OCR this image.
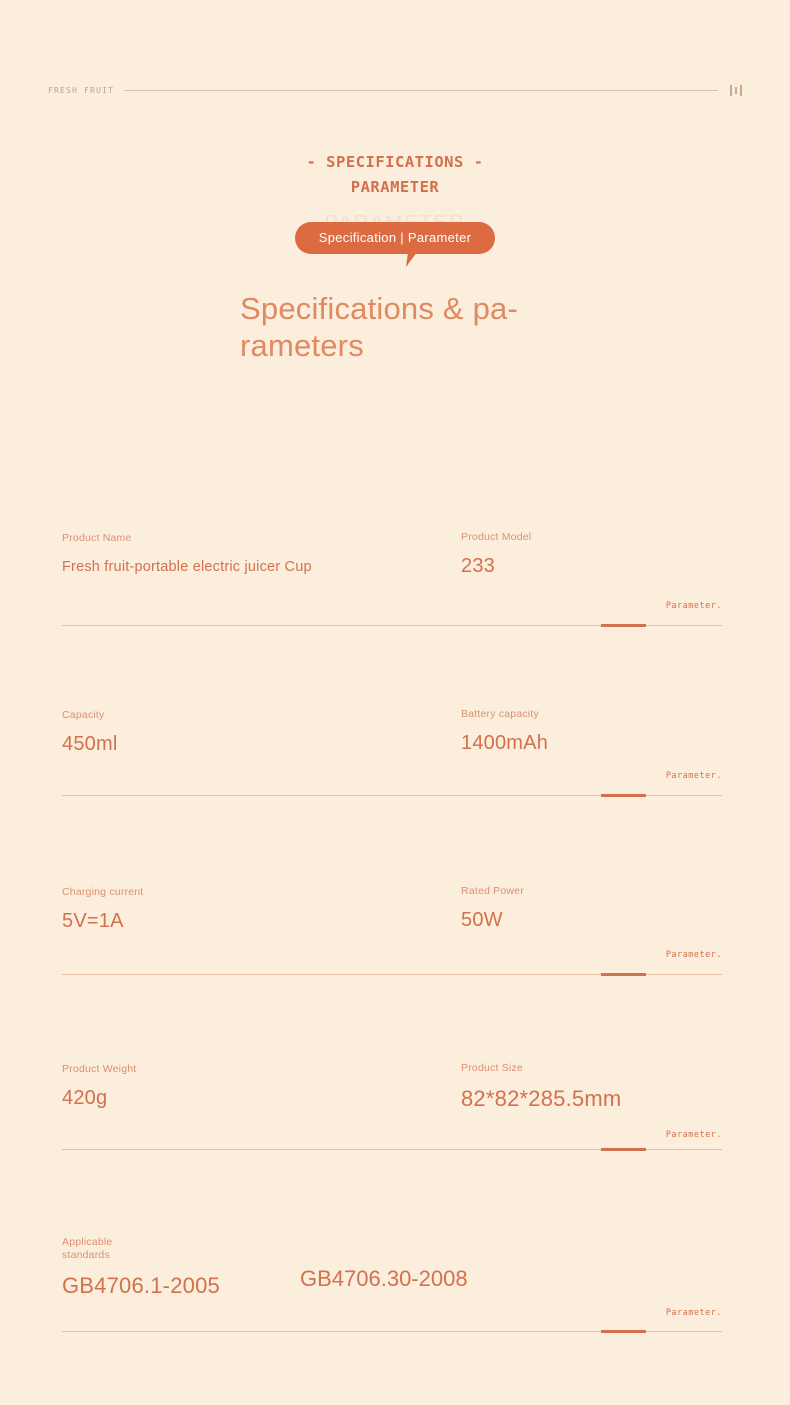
FRESH FRUIT
- SPECIFICATIONS -
PARAMETER
Specification | Parameter
Specifications & pa-rameters
Product Name
Fresh fruit-portable electric juicer Cup
Product Model
233
Parameter.
Capacity
450ml
Battery capacity
1400mAh
Parameter.
Charging current
5V=1A
Rated Power
50W
Parameter.
Product Weight
420g
Product Size
82*82*285.5mm
Parameter.
Applicable
standards
GB4706.1-2005	GB4706.30-2008
Parameter.
